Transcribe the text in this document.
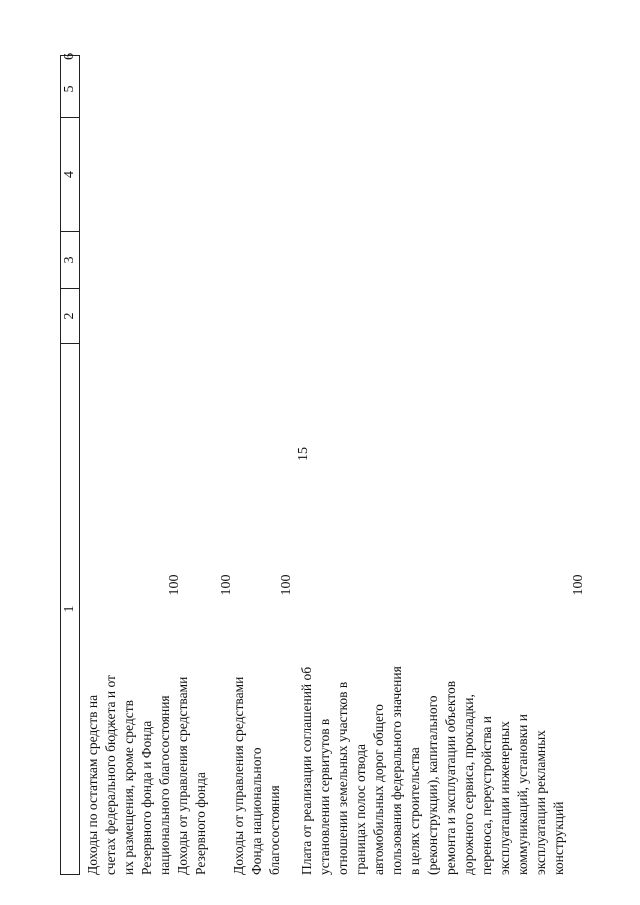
15
1
2
3
4
5
6
Доходы по остаткам средств на счетах федерального бюджета и от их размещения, кроме средств Резервного фонда и Фонда национального благосостояния
100
Доходы от управления средствами Резервного фонда
100
Доходы от управления средствами Фонда национального благосостояния
100
Плата от реализации соглашений об установлении сервитутов в отношении земельных участков в границах полос отвода автомобильных дорог общего пользования федерального значения в целях строительства (реконструкции), капитального ремонта и эксплуатации объектов дорожного сервиса, прокладки, переноса, переустройства и эксплуатации инженерных коммуникаций, установки и эксплуатации рекламных конструкций
100
